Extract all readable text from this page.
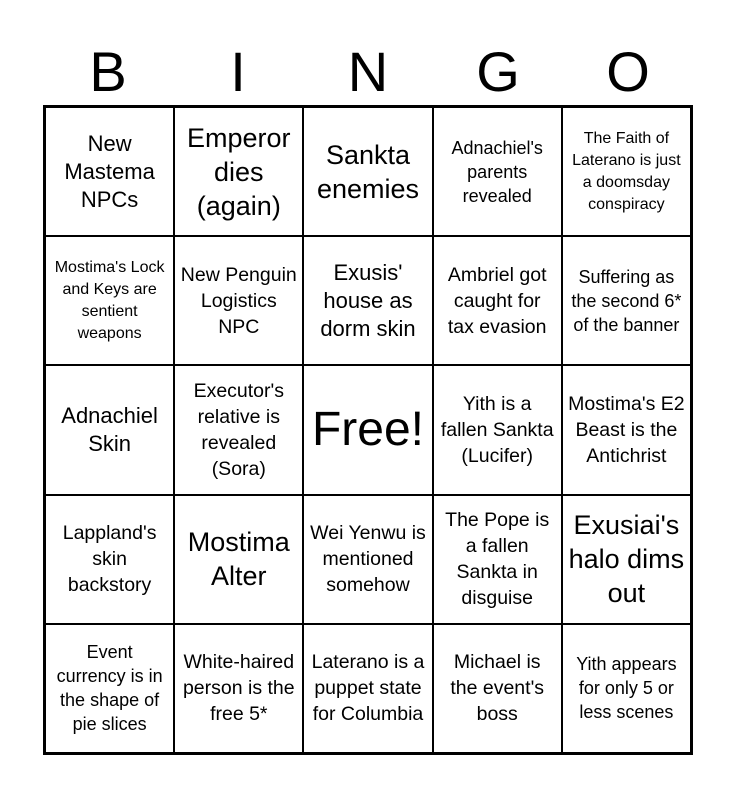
B	I	N	G	O
New Mastema NPCs
Emperor dies (again)
Sankta enemies
Adnachiel's parents revealed
The Faith of Laterano is just a doomsday conspiracy
Mostima's Lock and Keys are sentient weapons
New Penguin Logistics NPC
Exusis' house as dorm skin
Ambriel got caught for tax evasion
Suffering as the second 6* of the banner
Adnachiel Skin
Executor's relative is revealed (Sora)
Free!	Yith is a fallen Sankta (Lucifer)
Mostima's E2 Beast is the Antichrist
Lappland's skin backstory
Mostima Alter
Wei Yenwu is mentioned somehow
The Pope is a fallen Sankta in disguise
Exusiai's halo dims out
Event currency is in the shape of pie slices
White-haired person is the free 5*
Laterano is a puppet state for Columbia
Michael is the event's boss
Yith appears for only 5 or less scenes
